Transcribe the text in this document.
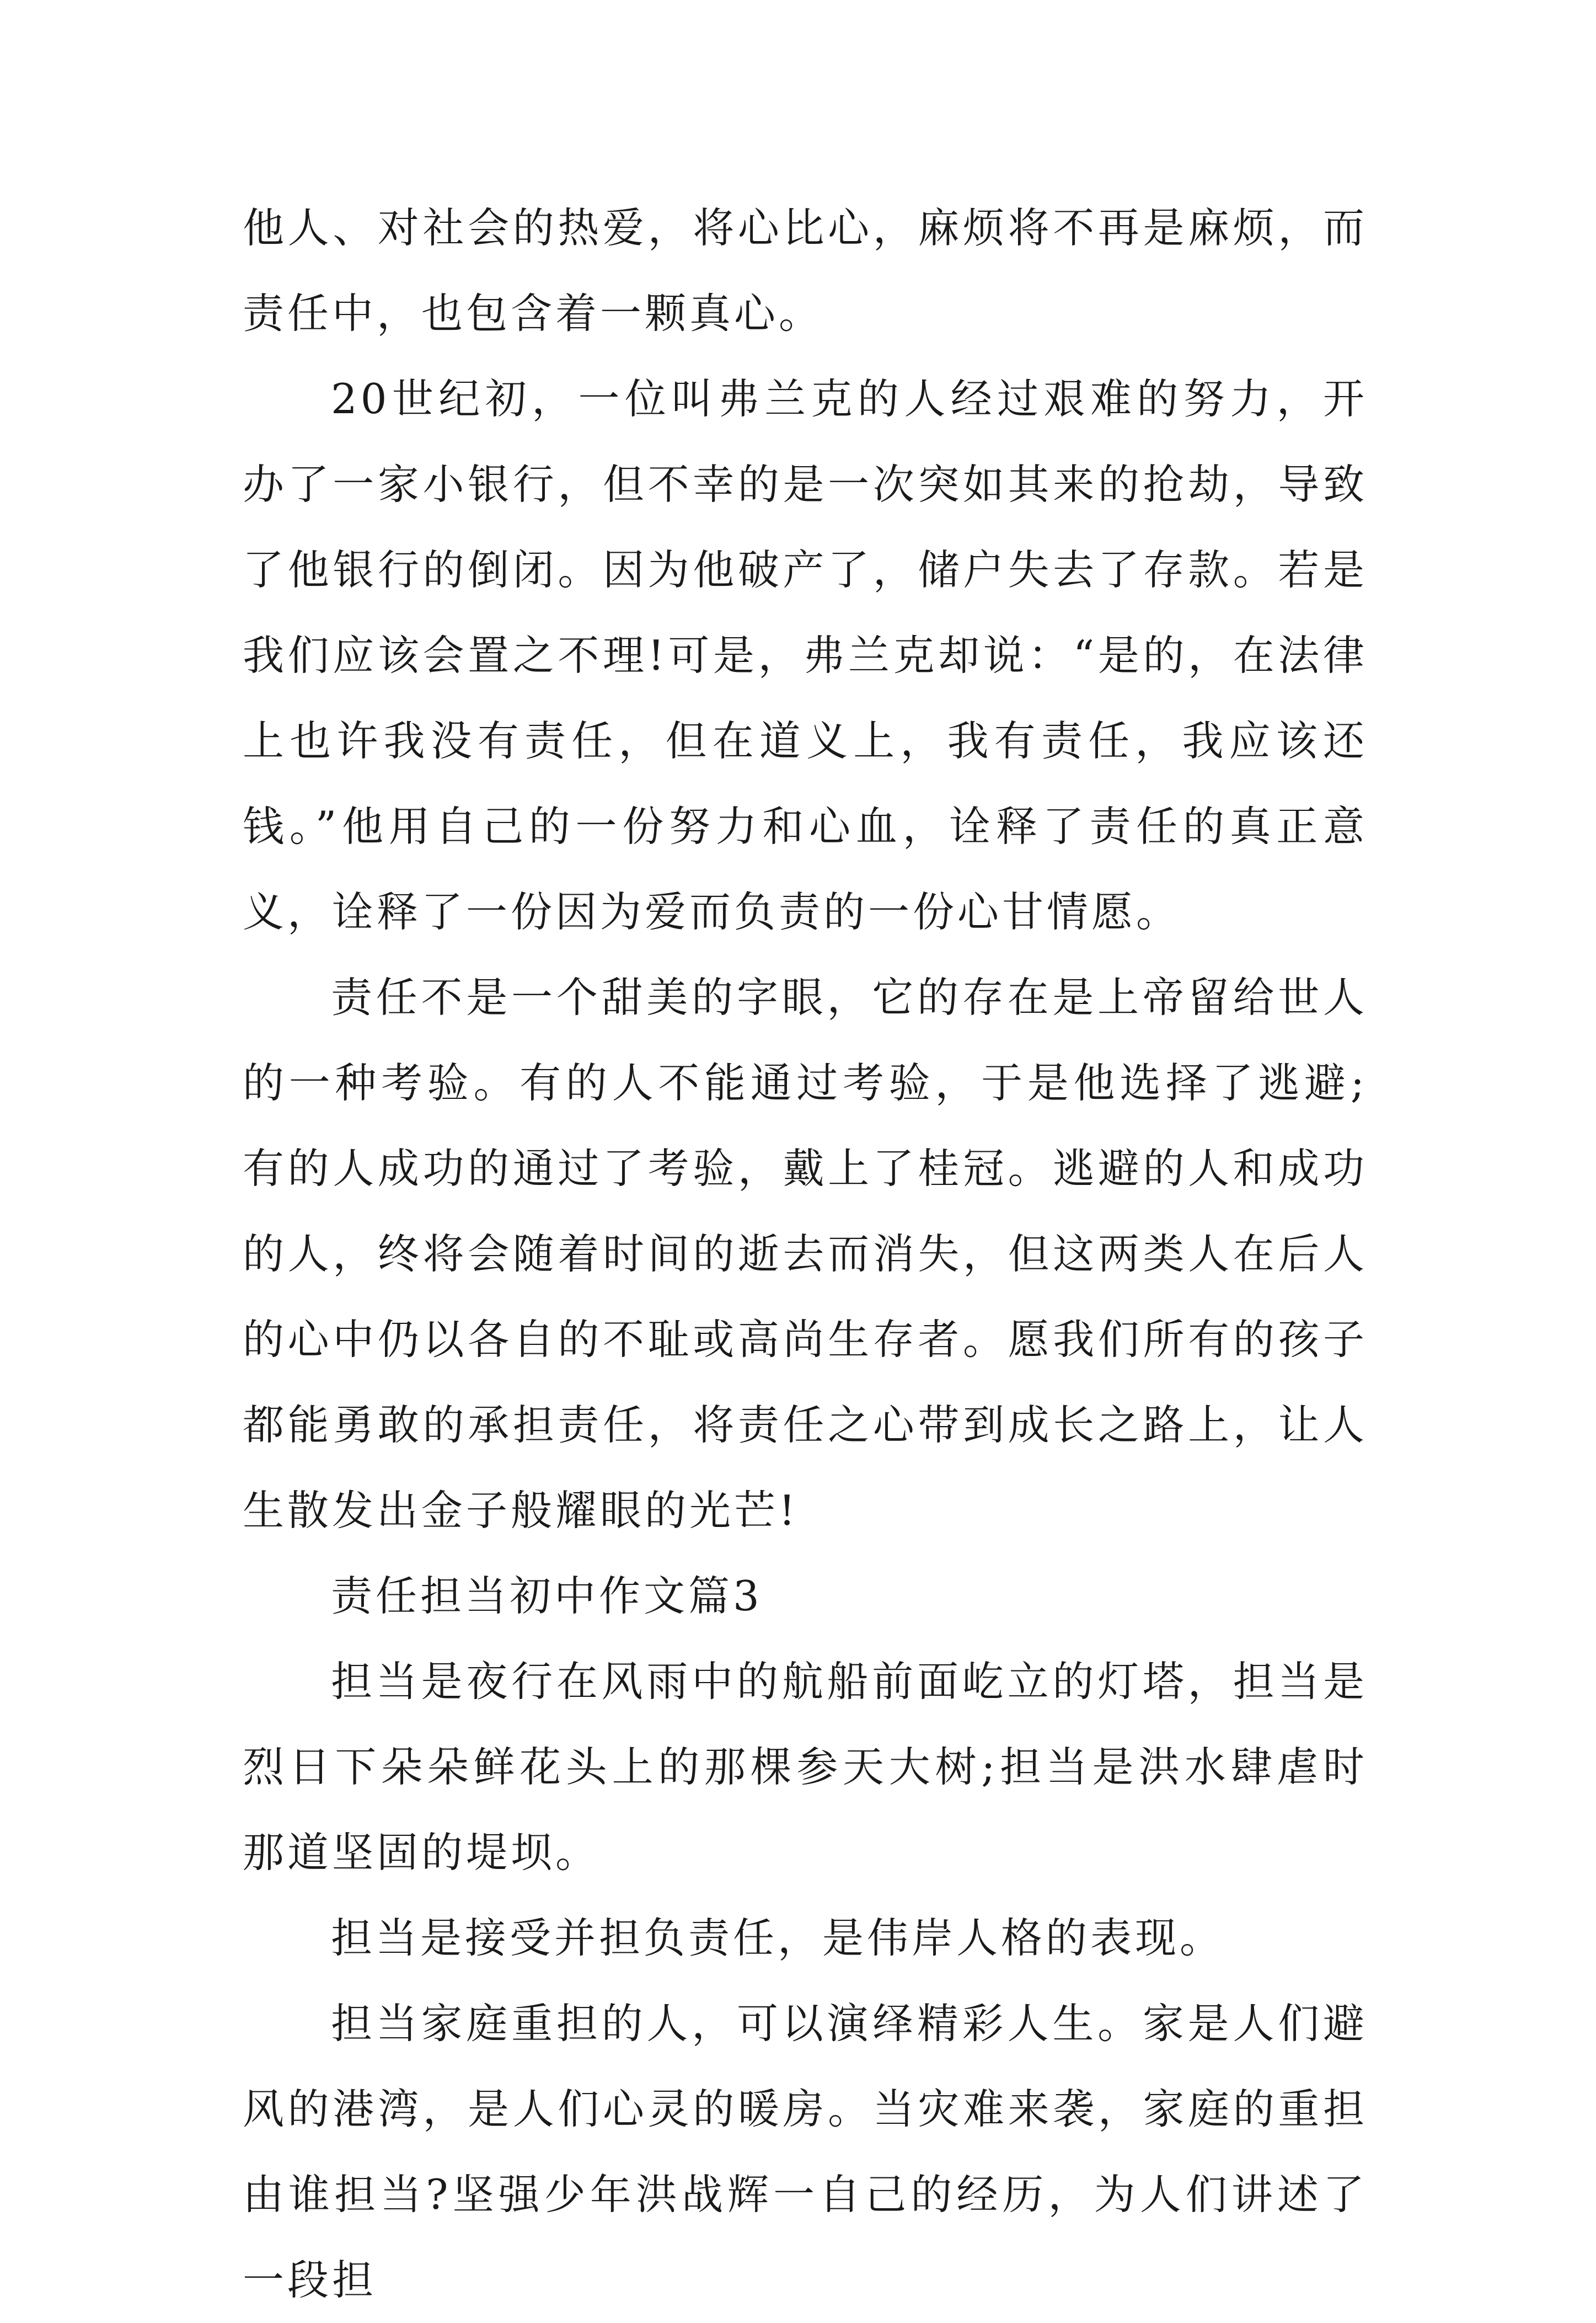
他人、对社会的热爱，将心比心，麻烦将不再是麻烦，而责任中，也包含着一颗真心。

20世纪初，一位叫弗兰克的人经过艰难的努力，开办了一家小银行，但不幸的是一次突如其来的抢劫，导致了他银行的倒闭。因为他破产了，储户失去了存款。若是我们应该会置之不理!可是，弗兰克却说：“是的，在法律上也许我没有责任，但在道义上，我有责任，我应该还钱。”他用自己的一份努力和心血，诠释了责任的真正意义，诠释了一份因为爱而负责的一份心甘情愿。

责任不是一个甜美的字眼，它的存在是上帝留给世人的一种考验。有的人不能通过考验，于是他选择了逃避;有的人成功的通过了考验，戴上了桂冠。逃避的人和成功的人，终将会随着时间的逝去而消失，但这两类人在后人的心中仍以各自的不耻或高尚生存者。愿我们所有的孩子都能勇敢的承担责任，将责任之心带到成长之路上，让人生散发出金子般耀眼的光芒!

责任担当初中作文篇3

担当是夜行在风雨中的航船前面屹立的灯塔，担当是烈日下朵朵鲜花头上的那棵参天大树;担当是洪水肆虐时那道坚固的堤坝。

担当是接受并担负责任，是伟岸人格的表现。

担当家庭重担的人，可以演绎精彩人生。家是人们避风的港湾，是人们心灵的暖房。当灾难来袭，家庭的重担由谁担当?坚强少年洪战辉一自己的经历，为人们讲述了一段担
